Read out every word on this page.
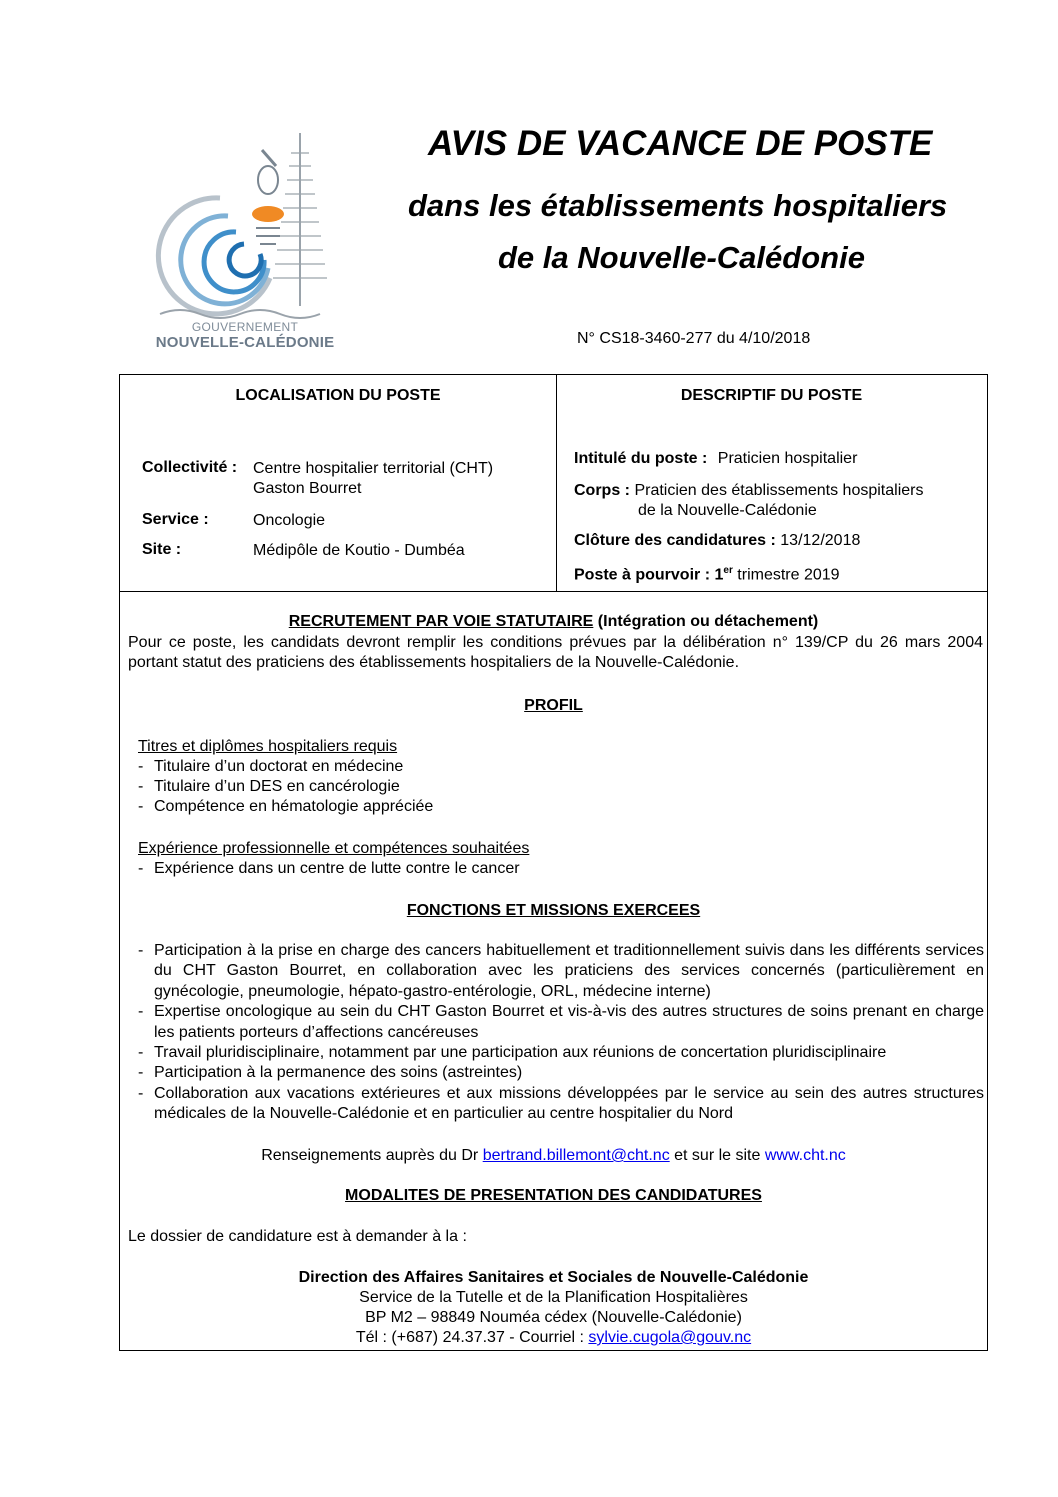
GOUVERNEMENT
NOUVELLE-CALÉDONIE
AVIS DE VACANCE DE POSTE
dans les établissements hospitaliers
de la Nouvelle-Calédonie
N° CS18-3460-277 du 4/10/2018
LOCALISATION DU POSTE
Collectivité : Centre hospitalier territorial (CHT)
Gaston Bourret
Service :	Oncologie
Site :	Médipôle de Koutio - Dumbéa
DESCRIPTIF DU POSTE
Intitulé du poste : Praticien hospitalier
Corps : Praticien des établissements hospitaliers
de la Nouvelle-Calédonie
Clôture des candidatures : 13/12/2018
Poste à pourvoir : 1er trimestre 2019
RECRUTEMENT PAR VOIE STATUTAIRE (Intégration ou détachement)
Pour ce poste, les candidats devront remplir les conditions prévues par la délibération n° 139/CP du 26 mars 2004 portant statut des praticiens des établissements hospitaliers de la Nouvelle-Calédonie.
PROFIL
Titres et diplômes hospitaliers requis
- Titulaire d’un doctorat en médecine
- Titulaire d’un DES en cancérologie
- Compétence en hématologie appréciée
Expérience professionnelle et compétences souhaitées
- Expérience dans un centre de lutte contre le cancer
FONCTIONS ET MISSIONS EXERCEES
- Participation à la prise en charge des cancers habituellement et traditionnellement suivis dans les différents services du CHT Gaston Bourret, en collaboration avec les praticiens des services concernés (particulièrement en gynécologie, pneumologie, hépato-gastro-entérologie, ORL, médecine interne)
- Expertise oncologique au sein du CHT Gaston Bourret et vis-à-vis des autres structures de soins prenant en charge les patients porteurs d’affections cancéreuses
- Travail pluridisciplinaire, notamment par une participation aux réunions de concertation pluridisciplinaire
- Participation à la permanence des soins (astreintes)
- Collaboration aux vacations extérieures et aux missions développées par le service au sein des autres structures médicales de la Nouvelle-Calédonie et en particulier au centre hospitalier du Nord
Renseignements auprès du Dr bertrand.billemont@cht.nc et sur le site www.cht.nc
MODALITES DE PRESENTATION DES CANDIDATURES
Le dossier de candidature est à demander à la :
Direction des Affaires Sanitaires et Sociales de Nouvelle-Calédonie
Service de la Tutelle et de la Planification Hospitalières
BP M2 – 98849 Nouméa cédex (Nouvelle-Calédonie)
Tél : (+687) 24.37.37 - Courriel : sylvie.cugola@gouv.nc
